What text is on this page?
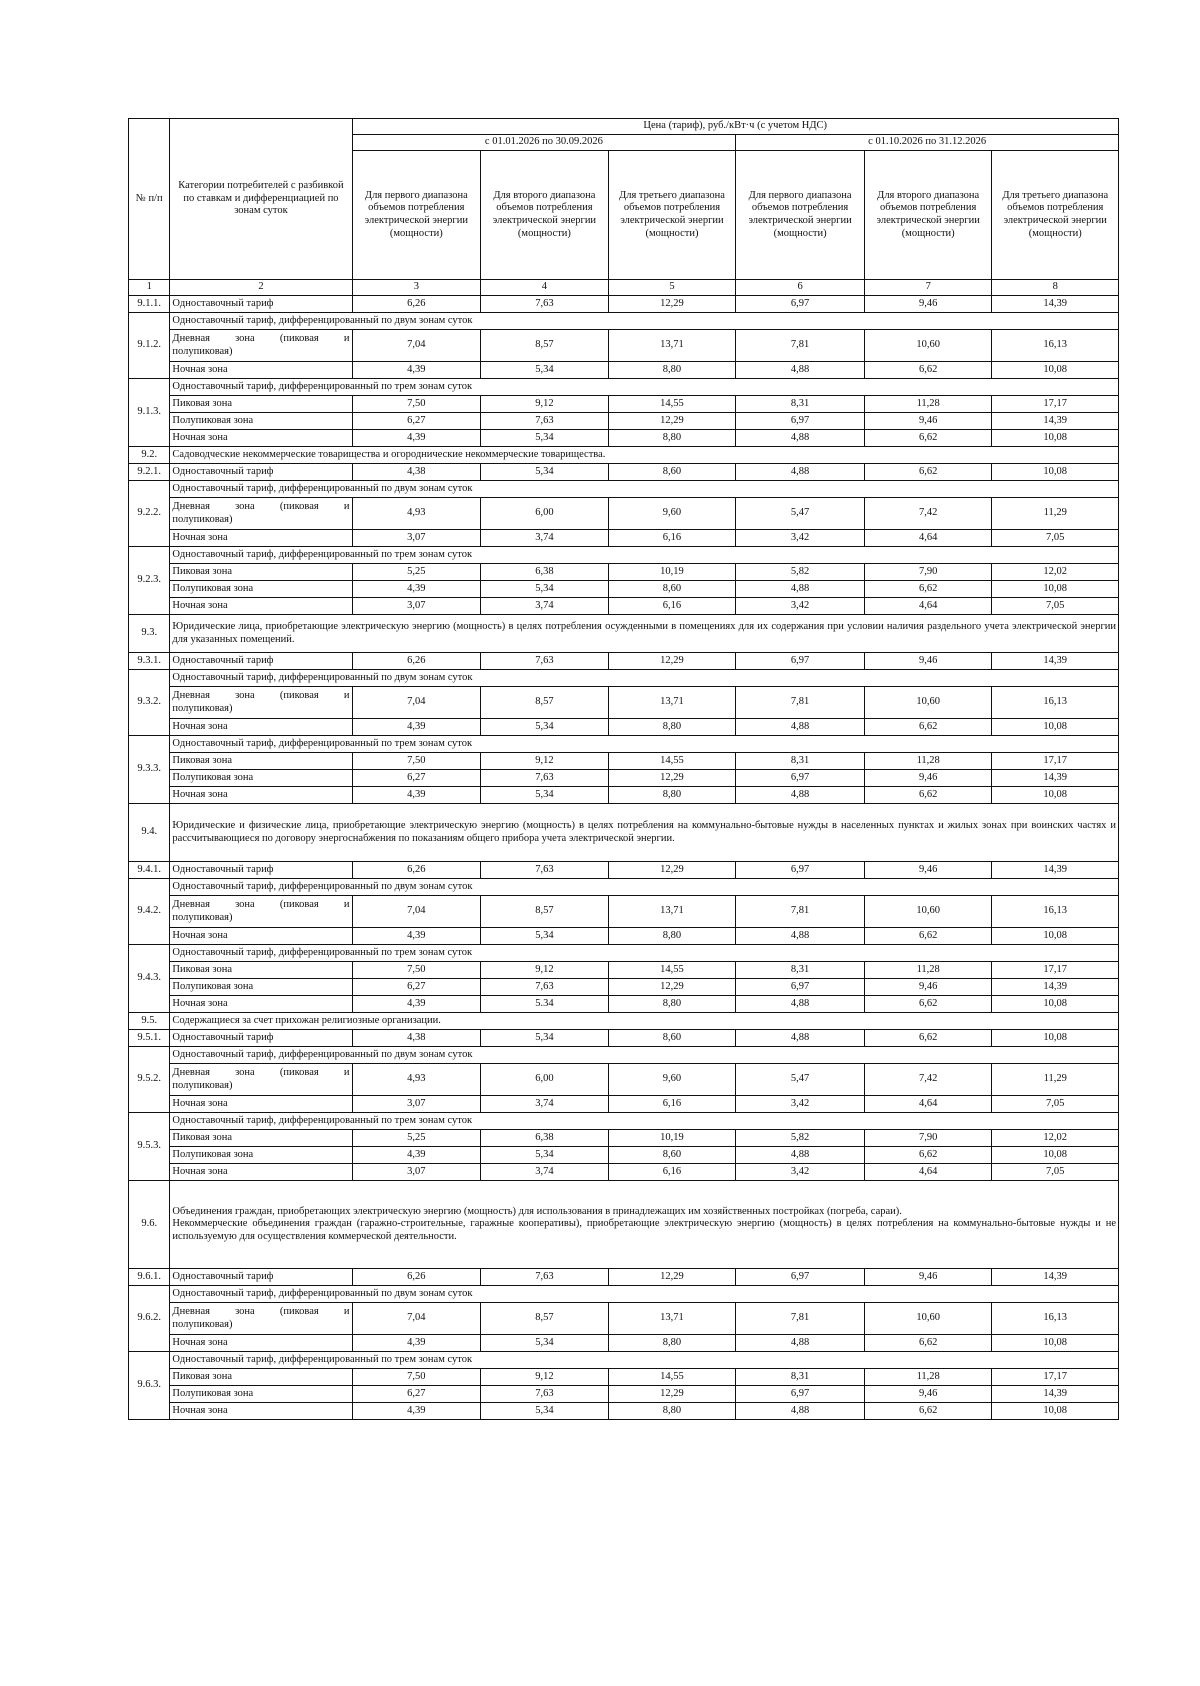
№ п/п	Категории потребителей с разбивкой по ставкам и дифференциацией по зонам суток	Цена (тариф), руб./кВт·ч (с учетом НДС)					
		с 01.01.2026 по 30.09.2026			с 01.10.2026 по 31.12.2026		
		Для первого диапазона объемов потребления электрической энергии (мощности)	Для второго диапазона объемов потребления электрической энергии (мощности)	Для третьего диапазона объемов потребления электрической энергии (мощности)	Для первого диапазона объемов потребления электрической энергии (мощности)	Для второго диапазона объемов потребления электрической энергии (мощности)	Для третьего диапазона объемов потребления электрической энергии (мощности)
1	2	3	4	5	6	7	8
9.1.1.	Одноставочный тариф	6,26	7,63	12,29	6,97	9,46	14,39
9.1.2.	Одноставочный тариф, дифференцированный по двум зонам суток						

	Дневная зона (пиковая и
полупиковая)	7,04	8,57	13,71	7,81	10,60	16,13
	Ночная зона	4,39	5,34	8,80	4,88	6,62	10,08
9.1.3.	Одноставочный тариф, дифференцированный по трем зонам суток						
	Пиковая зона	7,50	9,12	14,55	8,31	11,28	17,17
	Полупиковая зона	6,27	7,63	12,29	6,97	9,46	14,39
	Ночная зона	4,39	5,34	8,80	4,88	6,62	10,08
9.2.	Садоводческие некоммерческие товарищества и огороднические некоммерческие товарищества.						

9.2.1.	Одноставочный тариф	4,38	5,34	8,60	4,88	6,62	10,08
9.2.2.	Одноставочный тариф, дифференцированный по двум зонам суток						

	Дневная зона (пиковая и
полупиковая)	4,93	6,00	9,60	5,47	7,42	11,29
	Ночная зона	3,07	3,74	6,16	3,42	4,64	7,05
9.2.3.	Одноставочный тариф, дифференцированный по трем зонам суток						
	Пиковая зона	5,25	6,38	10,19	5,82	7,90	12,02
	Полупиковая зона	4,39	5,34	8,60	4,88	6,62	10,08
	Ночная зона	3,07	3,74	6,16	3,42	4,64	7,05
9.3.	Юридические лица, приобретающие электрическую энергию (мощность) в целях потребления осужденными в помещениях для их содержания при условии наличия раздельного учета электрической энергии для указанных помещений.						

9.3.1.	Одноставочный тариф	6,26	7,63	12,29	6,97	9,46	14,39
9.3.2.	Одноставочный тариф, дифференцированный по двум зонам суток						

	Дневная зона (пиковая и
полупиковая)	7,04	8,57	13,71	7,81	10,60	16,13
	Ночная зона	4,39	5,34	8,80	4,88	6,62	10,08
9.3.3.	Одноставочный тариф, дифференцированный по трем зонам суток						
	Пиковая зона	7,50	9,12	14,55	8,31	11,28	17,17
	Полупиковая зона	6,27	7,63	12,29	6,97	9,46	14,39
	Ночная зона	4,39	5,34	8,80	4,88	6,62	10,08
9.4.	Юридические и физические лица, приобретающие электрическую энергию (мощность) в целях потребления на коммунально-бытовые нужды в населенных пунктах и жилых зонах при воинских частях и рассчитывающиеся по договору энергоснабжения по показаниям общего прибора учета электрической энергии.						

9.4.1.	Одноставочный тариф	6,26	7,63	12,29	6,97	9,46	14,39
9.4.2.	Одноставочный тариф, дифференцированный по двум зонам суток						

	Дневная зона (пиковая и
полупиковая)	7,04	8,57	13,71	7,81	10,60	16,13
	Ночная зона	4,39	5,34	8,80	4,88	6,62	10,08
9.4.3.	Одноставочный тариф, дифференцированный по трем зонам суток						
	Пиковая зона	7,50	9,12	14,55	8,31	11,28	17,17
	Полупиковая зона	6,27	7,63	12,29	6,97	9,46	14,39
	Ночная зона	4,39	5.34	8,80	4,88	6,62	10,08
9.5.	Содержащиеся за счет прихожан религиозные организации.						

9.5.1.	Одноставочный тариф	4,38	5,34	8,60	4,88	6,62	10,08
9.5.2.	Одноставочный тариф, дифференцированный по двум зонам суток						

	Дневная зона (пиковая и
полупиковая)	4,93	6,00	9,60	5,47	7,42	11,29
	Ночная зона	3,07	3,74	6,16	3,42	4,64	7,05
9.5.3.	Одноставочный тариф, дифференцированный по трем зонам суток						
	Пиковая зона	5,25	6,38	10,19	5,82	7,90	12,02
	Полупиковая зона	4,39	5,34	8,60	4,88	6,62	10,08
	Ночная зона	3,07	3,74	6,16	3,42	4,64	7,05
9.6.	Объединения граждан, приобретающих электрическую энергию (мощность) для использования в принадлежащих им хозяйственных постройках (погреба, сараи).
Некоммерческие объединения граждан (гаражно-строительные, гаражные кооперативы), приобретающие электрическую энергию (мощность) в целях потребления на коммунально-бытовые нужды и не используемую для осуществления коммерческой деятельности.						

9.6.1.	Одноставочный тариф	6,26	7,63	12,29	6,97	9,46	14,39
9.6.2.	Одноставочный тариф, дифференцированный по двум зонам суток						

	Дневная зона (пиковая и
полупиковая)	7,04	8,57	13,71	7,81	10,60	16,13
	Ночная зона	4,39	5,34	8,80	4,88	6,62	10,08
9.6.3.	Одноставочный тариф, дифференцированный по трем зонам суток						
	Пиковая зона	7,50	9,12	14,55	8,31	11,28	17,17
	Полупиковая зона	6,27	7,63	12,29	6,97	9,46	14,39
	Ночная зона	4,39	5,34	8,80	4,88	6,62	10,08
